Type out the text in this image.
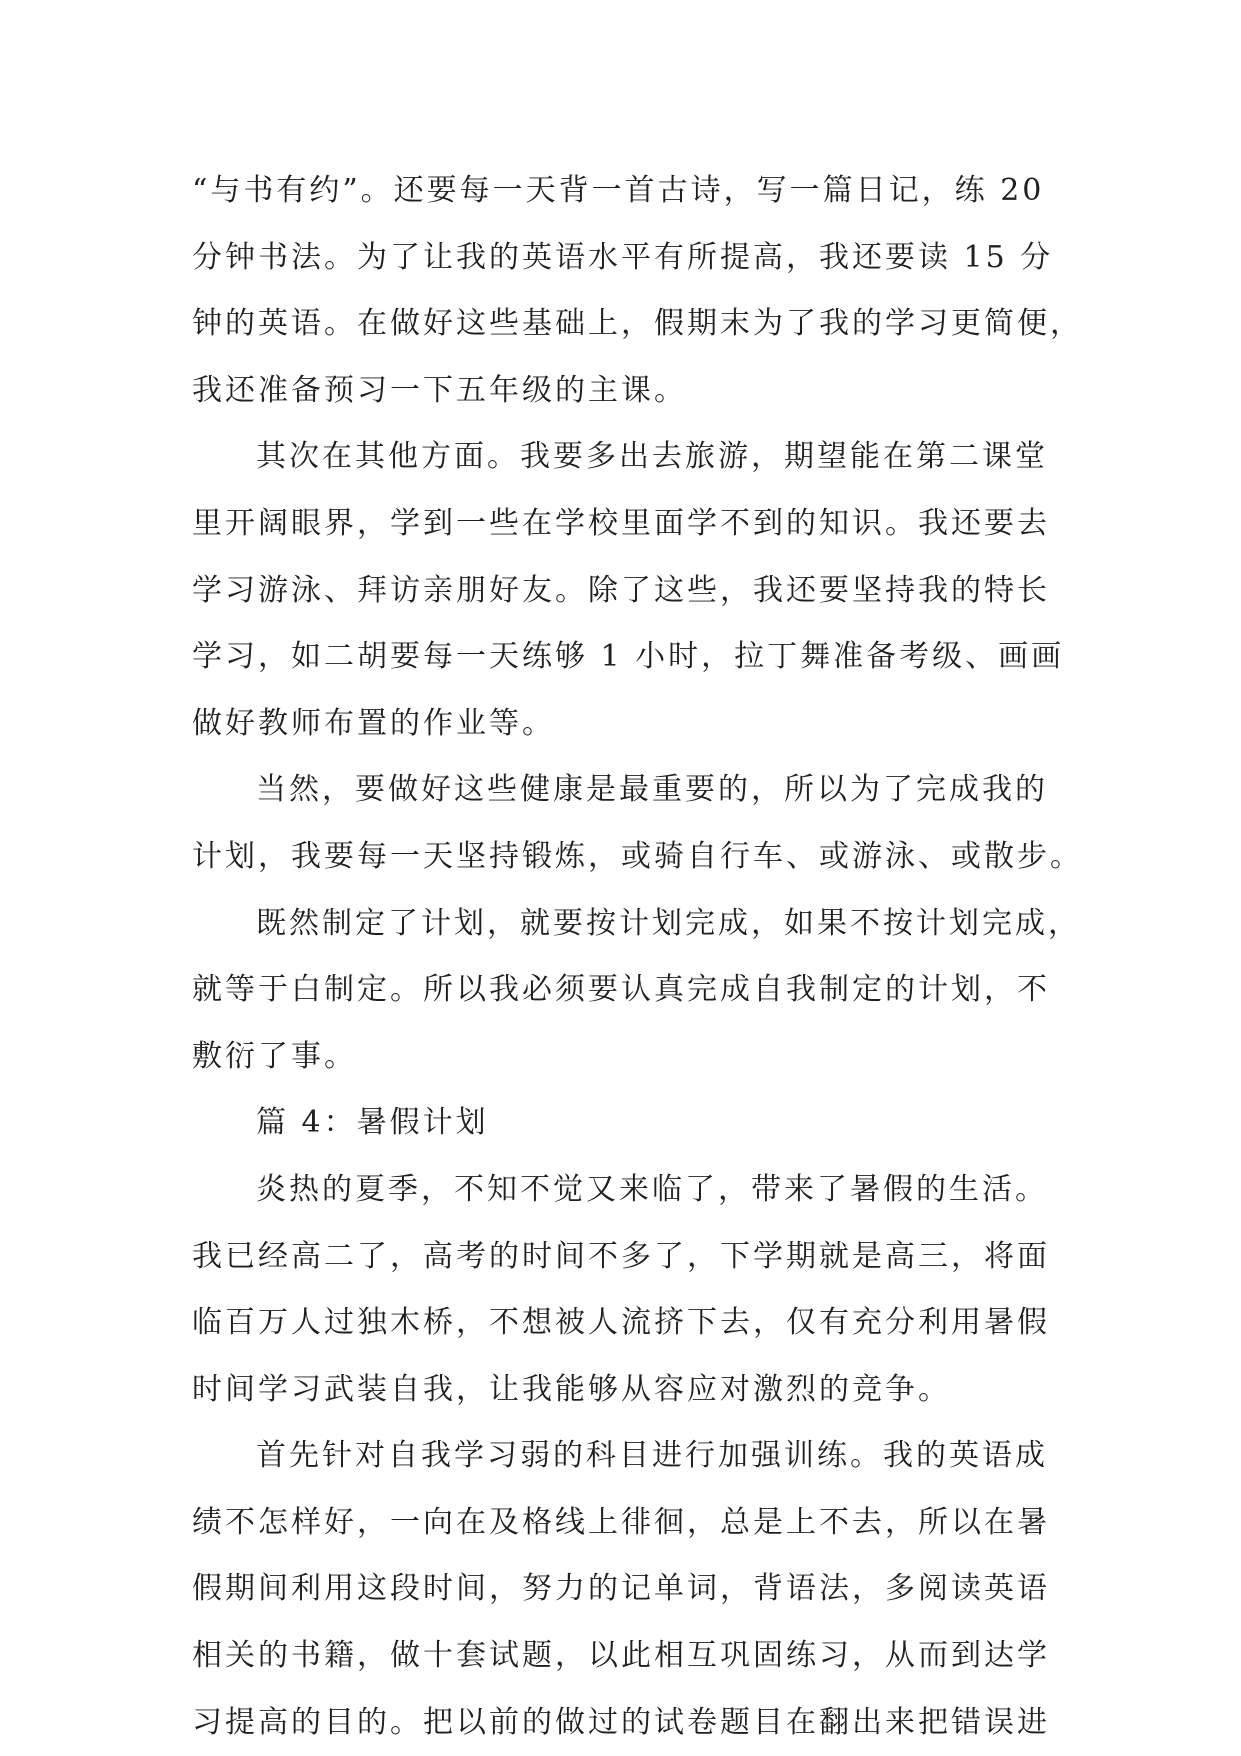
“与书有约”。还要每一天背一首古诗，写一篇日记，练 20
分钟书法。为了让我的英语水平有所提高，我还要读 15 分
钟的英语。在做好这些基础上，假期末为了我的学习更简便，
我还准备预习一下五年级的主课。
其次在其他方面。我要多出去旅游，期望能在第二课堂
里开阔眼界，学到一些在学校里面学不到的知识。我还要去
学习游泳、拜访亲朋好友。除了这些，我还要坚持我的特长
学习，如二胡要每一天练够 1 小时，拉丁舞准备考级、画画
做好教师布置的作业等。
当然，要做好这些健康是最重要的，所以为了完成我的
计划，我要每一天坚持锻炼，或骑自行车、或游泳、或散步。
既然制定了计划，就要按计划完成，如果不按计划完成，
就等于白制定。所以我必须要认真完成自我制定的计划，不
敷衍了事。
篇 4：暑假计划
炎热的夏季，不知不觉又来临了，带来了暑假的生活。
我已经高二了，高考的时间不多了，下学期就是高三，将面
临百万人过独木桥，不想被人流挤下去，仅有充分利用暑假
时间学习武装自我，让我能够从容应对激烈的竞争。
首先针对自我学习弱的科目进行加强训练。我的英语成
绩不怎样好，一向在及格线上徘徊，总是上不去，所以在暑
假期间利用这段时间，努力的记单词，背语法，多阅读英语
相关的书籍，做十套试题，以此相互巩固练习，从而到达学
习提高的目的。把以前的做过的试卷题目在翻出来把错误进
